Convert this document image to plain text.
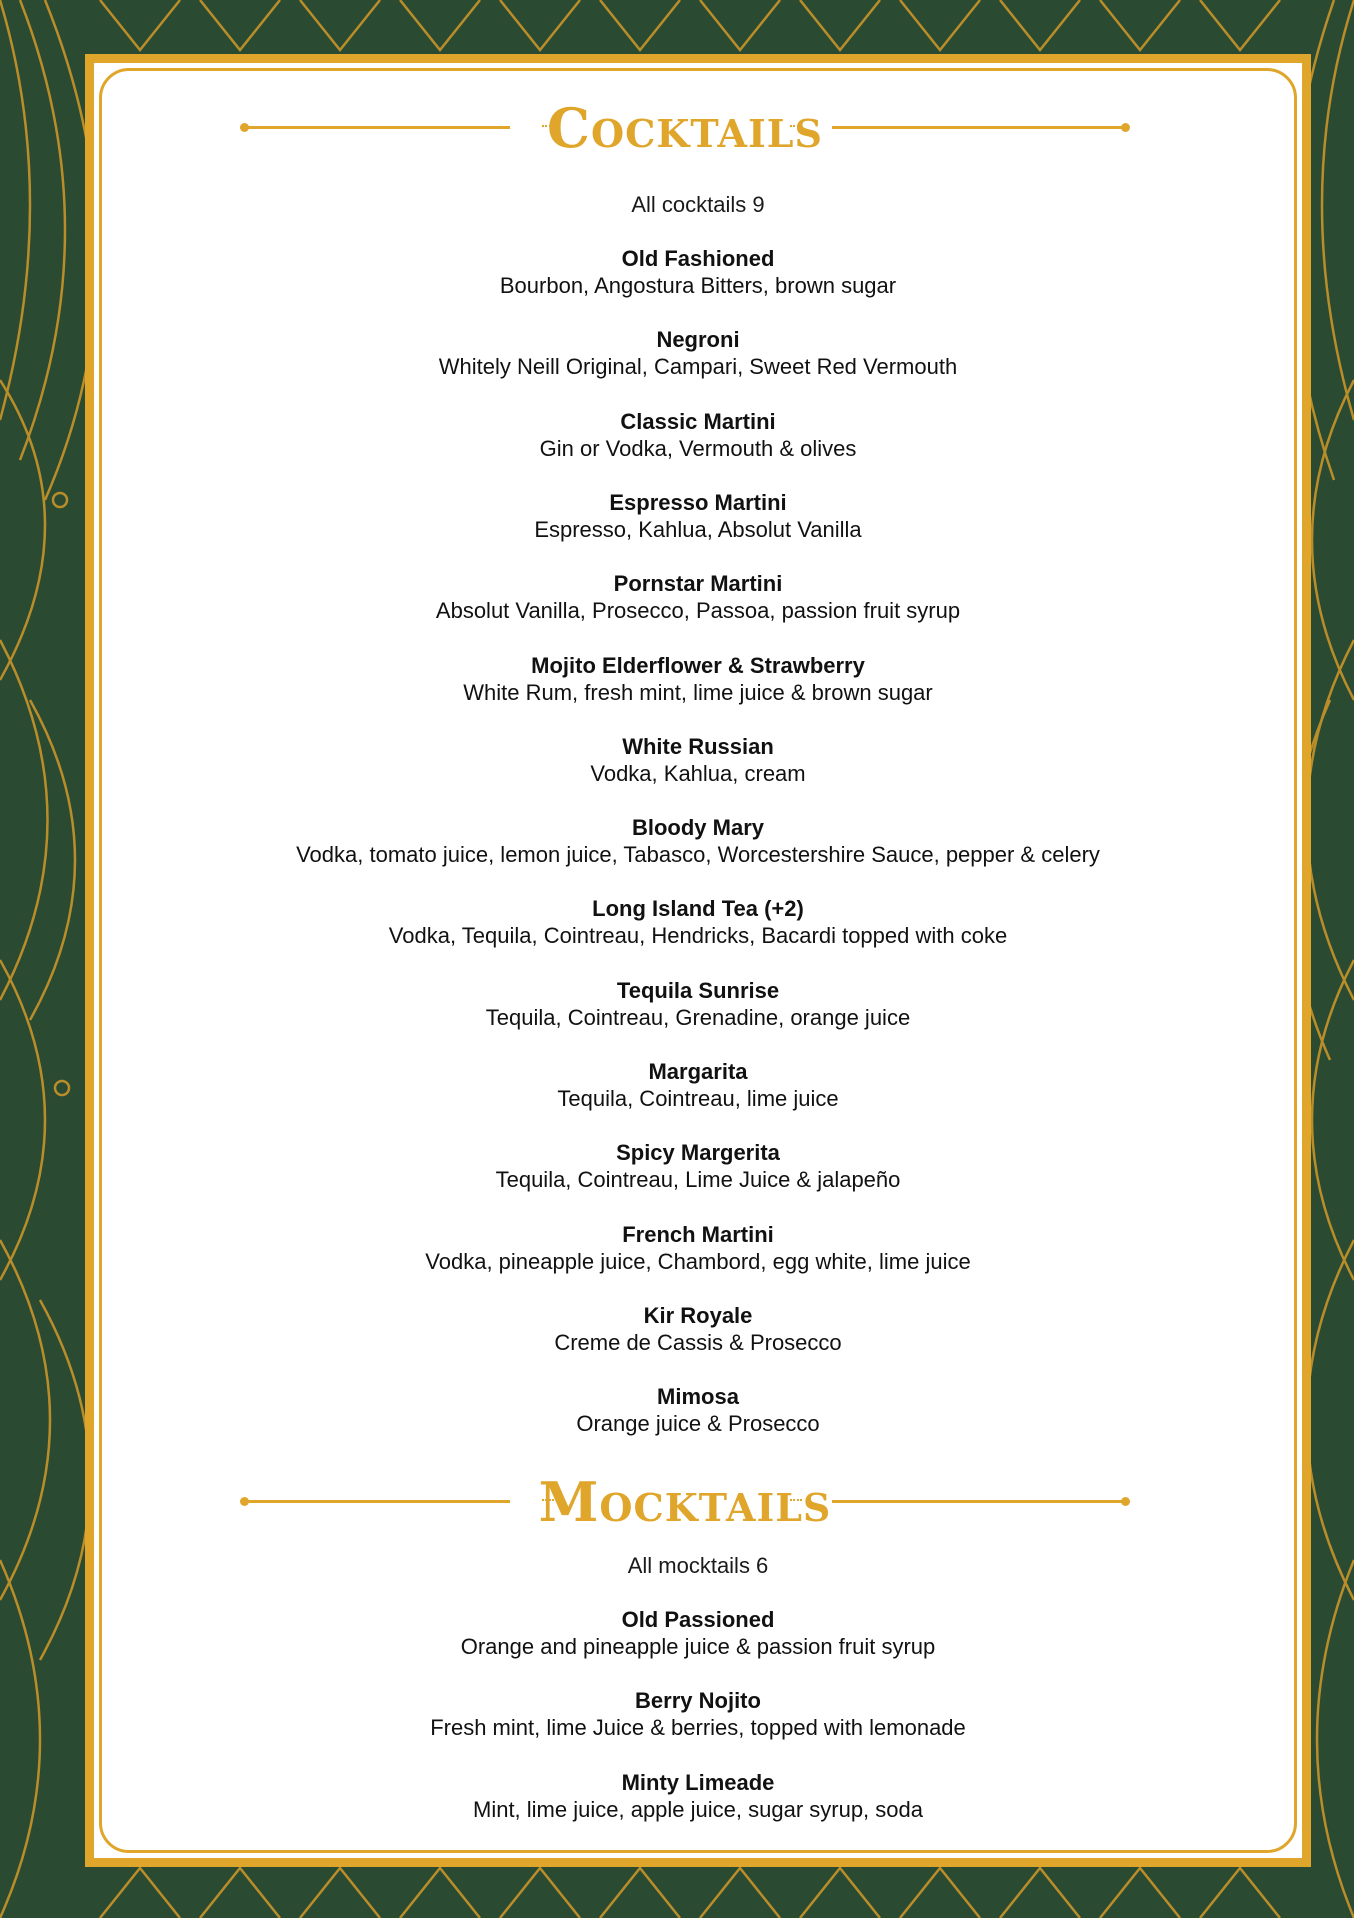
Cocktails
All cocktails 9
Old Fashioned
Bourbon, Angostura Bitters, brown sugar
Negroni
Whitely Neill Original, Campari, Sweet Red Vermouth
Classic Martini
Gin or Vodka, Vermouth & olives
Espresso Martini
Espresso, Kahlua, Absolut Vanilla
Pornstar Martini
Absolut Vanilla, Prosecco, Passoa, passion fruit syrup
Mojito Elderflower & Strawberry
White Rum, fresh mint, lime juice & brown sugar
White Russian
Vodka, Kahlua, cream
Bloody Mary
Vodka, tomato juice, lemon juice, Tabasco, Worcestershire Sauce, pepper & celery
Long Island Tea (+2)
Vodka, Tequila, Cointreau, Hendricks, Bacardi topped with coke
Tequila Sunrise
Tequila, Cointreau, Grenadine, orange juice
Margarita
Tequila, Cointreau, lime juice
Spicy Margerita
Tequila, Cointreau, Lime Juice & jalapeño
French Martini
Vodka, pineapple juice, Chambord, egg white, lime juice
Kir Royale
Creme de Cassis & Prosecco
Mimosa
Orange juice & Prosecco
Mocktails
All mocktails 6
Old Passioned
Orange and pineapple juice & passion fruit syrup
Berry Nojito
Fresh mint, lime Juice & berries, topped with lemonade
Minty Limeade
Mint, lime juice, apple juice, sugar syrup, soda
